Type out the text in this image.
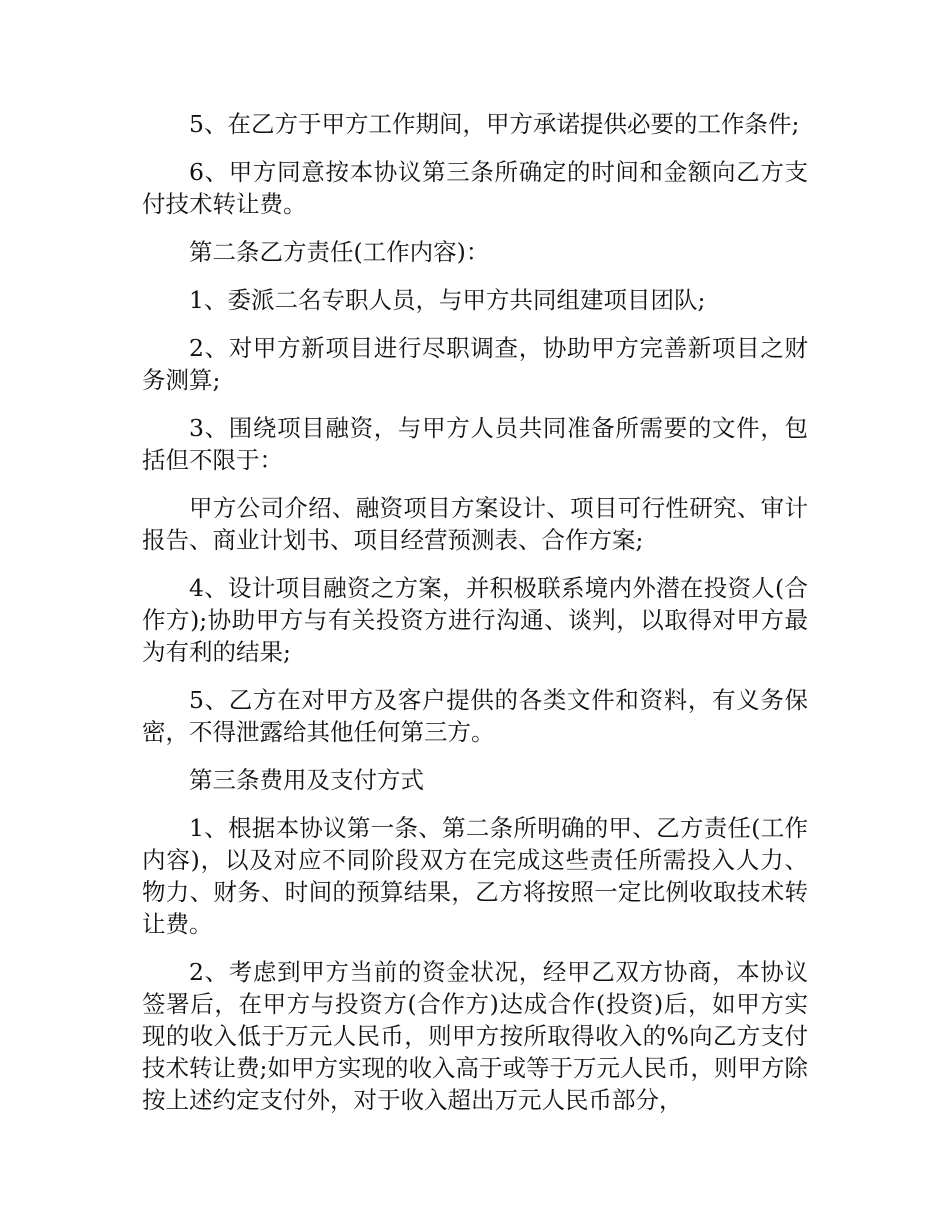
5、在乙方于甲方工作期间，甲方承诺提供必要的工作条件;

6、甲方同意按本协议第三条所确定的时间和金额向乙方支付技术转让费。

第二条乙方责任(工作内容)：

1、委派二名专职人员，与甲方共同组建项目团队;

2、对甲方新项目进行尽职调查，协助甲方完善新项目之财务测算;

3、围绕项目融资，与甲方人员共同准备所需要的文件，包括但不限于：

甲方公司介绍、融资项目方案设计、项目可行性研究、审计报告、商业计划书、项目经营预测表、合作方案;

4、设计项目融资之方案，并积极联系境内外潜在投资人(合作方);协助甲方与有关投资方进行沟通、谈判，以取得对甲方最为有利的结果;

5、乙方在对甲方及客户提供的各类文件和资料，有义务保密，不得泄露给其他任何第三方。

第三条费用及支付方式

1、根据本协议第一条、第二条所明确的甲、乙方责任(工作内容)，以及对应不同阶段双方在完成这些责任所需投入人力、物力、财务、时间的预算结果，乙方将按照一定比例收取技术转让费。

2、考虑到甲方当前的资金状况，经甲乙双方协商，本协议签署后，在甲方与投资方(合作方)达成合作(投资)后，如甲方实现的收入低于万元人民币，则甲方按所取得收入的%向乙方支付技术转让费;如甲方实现的收入高于或等于万元人民币，则甲方除按上述约定支付外，对于收入超出万元人民币部分，
